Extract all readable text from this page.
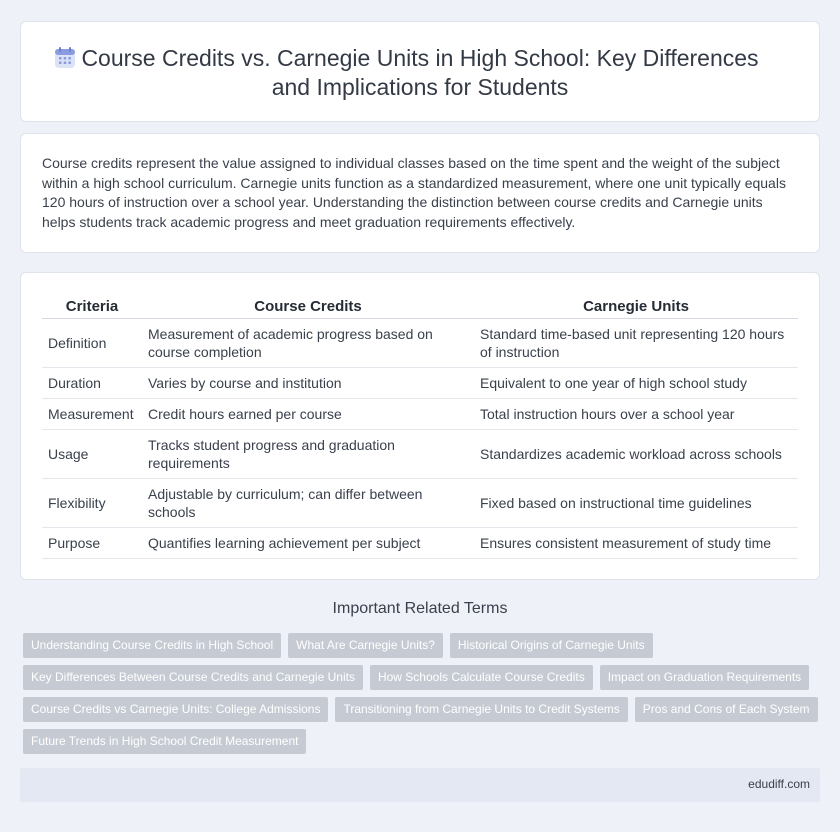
Course Credits vs. Carnegie Units in High School: Key Differences
and Implications for Students

Course credits represent the value assigned to individual classes based on the time spent and the weight of the subject within a high school curriculum. Carnegie units function as a standardized measurement, where one unit typically equals 120 hours of instruction over a school year. Understanding the distinction between course credits and Carnegie units helps students track academic progress and meet graduation requirements effectively.

Criteria	Course Credits	Carnegie Units
Definition	Measurement of academic progress based on course completion	Standard time-based unit representing 120 hours of instruction
Duration	Varies by course and institution	Equivalent to one year of high school study
Measurement	Credit hours earned per course	Total instruction hours over a school year
Usage	Tracks student progress and graduation requirements	Standardizes academic workload across schools
Flexibility	Adjustable by curriculum; can differ between schools	Fixed based on instructional time guidelines
Purpose	Quantifies learning achievement per subject	Ensures consistent measurement of study time
Important Related Terms
Understanding Course Credits in High School	What Are Carnegie Units?	Historical Origins of Carnegie Units
Key Differences Between Course Credits and Carnegie Units	How Schools Calculate Course Credits	Impact on Graduation Requirements
Course Credits vs Carnegie Units: College Admissions	Transitioning from Carnegie Units to Credit Systems	Pros and Cons of Each System
Future Trends in High School Credit Measurement
edudiff.com
